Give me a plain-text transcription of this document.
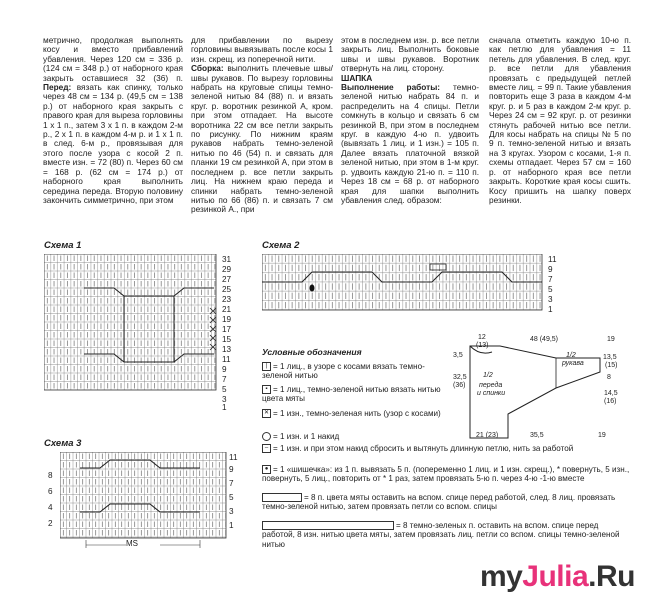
метрично, продолжая выполнять косу и вместо прибавлений убавления. Через 120 см = 336 р. (124 см = 348 р.) от наборного края закрыть оставшиеся 32 (36) п. Перед: вязать как спинку, только через 48 см = 134 р. (49,5 см = 138 р.) от наборного края закрыть с правого края для выреза горловины 1 х 1 п., затем 3 х 1 п. в каждом 2-м р., 2 х 1 п. в каждом 4-м р. и 1 х 1 п. в след. 6-м р., провязывая для этого после узора с косой 2 п. вместе изн. = 72 (80) п. Через 60 см = 168 р. (62 см = 174 р.) от наборного края выполнить середина переда. Вторую половину закончить симметрично, при этом
для прибавлении по вырезу горловины вывязывать после косы 1 изн. скрещ. из поперечной нити.
Сборка: выполнить плечевые швы/швы рукавов. По вырезу горловины набрать на круговые спицы темно-зеленой нитью 84 (88) п. и вязать круг. р. воротник резинкой А, кром. при этом отпадает. На высоте воротника 22 см все петли закрыть по рисунку. По нижним краям рукавов набрать темно-зеленой нитью по 46 (54) п. и связать для планки 19 см резинкой А, при этом в последнем р. все петли закрыть лиц. На нижнем краю переда и спинки набрать темно-зеленой нитью по 66 (86) п. и связать 7 см резинкой А., при
этом в последнем изн. р. все петли закрыть лиц. Выполнить боковые швы и швы рукавов. Воротник отвернуть на лиц. сторону.
ШАПКА
Выполнение работы: темно-зеленой нитью набрать 84 п. и распределить на 4 спицы. Петли сомкнуть в кольцо и связать 6 см резинкой В, при этом в последнем круг. в каждую 4-ю п. удвоить (вывязать 1 лиц. и 1 изн.) = 105 п. Далее вязать платочной вязкой зеленой нитью, при этом в 1-м круг. р. удвоить каждую 21-ю п. = 110 п. Через 18 см = 68 р. от наборного края для шапки выполнить убавления след. образом:
сначала отметить каждую 10-ю п. как петлю для убавления = 11 петель для убавления. В след. круг. р. все петли для убавления провязать с предыдущей петлей вместе лиц. = 99 п. Такие убавления повторить еще 3 раза в каждом 4-м круг. р. и 5 раз в каждом 2-м круг. р. Через 24 см = 92 круг. р. от резинки стянуть рабочей нитью все петли. Для косы набрать на спицы № 5 по 9 п. темно-зеленой нитью и вязать на 3 кругах. Узором с косами, 1-я п. схемы отпадает. Через 57 см = 160 р. от наборного края все петли закрыть. Короткие края косы сшить. Косу пришить на шапку поверх резинки.
Схема 1	Схема 2
Схема 3
31
29
27
25
23
21
19
17
15
13
11
9
7
5
3
1
11
9
7
5
3
1
MS
11
9
7
5
3
1
8
6
4
2
Условные обозначения
| = 1 лиц., в узоре с косами вязать темно-зеленой нитью
▪ = 1 лиц., темно-зеленой нитью вязать нитью цвета мяты
✕ = 1 изн., темно-зеленая нить (узор с косами)
= 1 изн. и 1 накид
– = 1 изн. и при этом накид сбросить и вытянуть длинную петлю, нить за работой
● = 1 «шишечка»: из 1 п. вывязать 5 п. (попеременно 1 лиц. и 1 изн. скрещ.), * повернуть, 5 изн., повернуть, 5 лиц., повторить от * 1 раз, затем провязать 5-ю п. через 4-ю -1-ю вместе
= 8 п. цвета мяты оставить на вспом. спице перед работой, след. 8 лиц. провязать темно-зеленой нитью, затем провязать петли со вспом. спицы
= 8 темно-зеленых п. оставить на вспом. спице перед работой, 8 изн. нитью цвета мяты, затем провязать лиц. петли со вспом. спицы темно-зеленой нитью
12
(13)
48 (49,5)	19
3,5
32,5
(36)
13,5
(15)
8
14,5
(16)
21 (23)	35,5	19
1/2
переда
и спинки
1/2
рукава
myJulia.Ru
